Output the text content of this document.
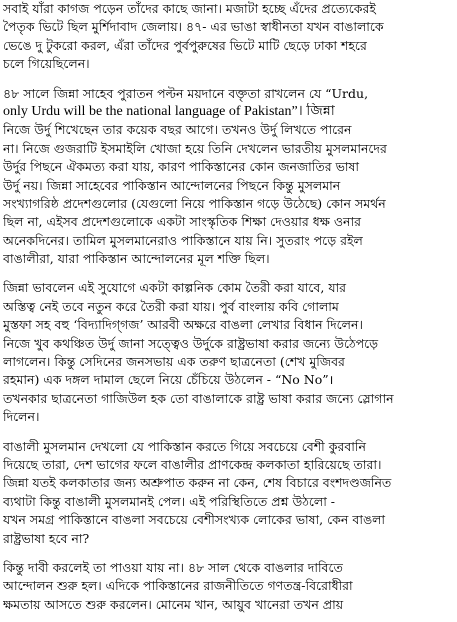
সবাই যাঁরা কাগজ পড়েন তাঁদের কাছে জানা। মজাটা হচ্ছে এঁদের প্রত্যেকেরই
পৈতৃক ভিটে ছিল মুর্শিদাবাদ জেলায়। ৪৭- এর ভাঙা স্বাধীনতা যখন বাঙালাকে
ভেঙে দু টুকরো করল, এঁরা তাঁদের পুর্বপুরুষের ভিটে মাটি ছেড়ে ঢাকা শহরে
চলে গিয়েছিলেন।

৪৮ সালে জিন্না সাহেব পুরাতন পল্টন ময়দানে বক্তৃতা রাখলেন যে “Urdu,
only Urdu will be the national language of Pakistan”। জিন্না
নিজে উর্দু শিখেছেন তার কয়েক বছর আগে। তখনও উর্দু লিখতে পারেন
না। নিজে গুজরাটি ইসমাইলি খোজা হয়ে তিনি দেখলেন ভারতীয় মুসলমানদের
উর্দুর পিছনে ঐকমত্য করা যায়, কারণ পাকিস্তানের কোন জনজাতির ভাষা
উর্দু নয়। জিন্না সাহেবের পাকিস্তান আন্দোলনের পিছনে কিন্তু মুসলমান
সংখ্যাগরিষ্ঠ প্রদেশগুলোর (যেগুলো নিয়ে পাকিস্তান গড়ে উঠেছে) কোন সমর্থন
ছিল না, এইসব প্রদেশগুলোকে একটা সাংস্কৃতিক শিক্ষা দেওয়ার ধক্ষ ওনার
অনেকদিনের। তামিল মুসলমানেরাও পাকিস্তানে যায় নি। সুতরাং পড়ে রইল
বাঙালীরা, যারা পাকিস্তান আন্দোলনের মূল শক্তি ছিল।

জিন্না ভাবলেন এই সুযোগে একটা কাল্পনিক কোম তৈরী করা যাবে, যার
অস্তিত্ব নেই তবে নতুন করে তৈরী করা যায়। পুর্ব বাংলায় কবি গোলাম
মুস্তফা সহ বহু ‘বিদ্যাদিগ্‌গজ’ আরবী অক্ষরে বাঙলা লেখার বিধান দিলেন।
নিজে খুব কথঞ্চিত উর্দু জানা সত্ত্বেও উর্দুকে রাষ্ট্রভাষা করার জন্যে উঠেপড়ে
লাগলেন। কিন্তু সেদিনের জনসভায় এক তরুণ ছাত্রনেতা (শেখ মুজিবর
রহমান) এক দঙ্গল দামাল ছেলে নিয়ে চেঁচিয়ে উঠলেন - “No No”।
তখনকার ছাত্রনেতা গাজিউল হক তো বাঙালাকে রাষ্ট্র ভাষা করার জন্যে স্লোগান
দিলেন।

বাঙালী মুসলমান দেখলো যে পাকিস্তান করতে গিয়ে সবচেয়ে বেশী কুরবানি
দিয়েছে তারা, দেশ ভাগের ফলে বাঙালীর প্রাণকেন্দ্র কলকাতা হারিয়েছে তারা।
জিন্না যতই কলকাতার জন্য অশ্রুপাত করুন না কেন, শেষ বিচারে বংশদণ্ডজনিত
ব্যথাটা কিন্তু বাঙালী মুসলমানই পেল। এই পরিস্থিতিতে প্রশ্ন উঠলো -
যখন সমগ্র পাকিস্তানে বাঙলা সবচেয়ে বেশীসংখ্যক লোকের ভাষা, কেন বাঙলা
রাষ্ট্রভাষা হবে না?

কিন্তু দাবী করলেই তা পাওয়া যায় না। ৪৮ সাল থেকে বাঙলার দাবিতে
আন্দোলন শুরু হল। এদিকে পাকিস্তানের রাজনীতিতে গণতন্ত্র-বিরোধীরা
ক্ষমতায় আসতে শুরু করলেন। মোনেম খান, আয়ুব খানেরা তখন প্রায়
